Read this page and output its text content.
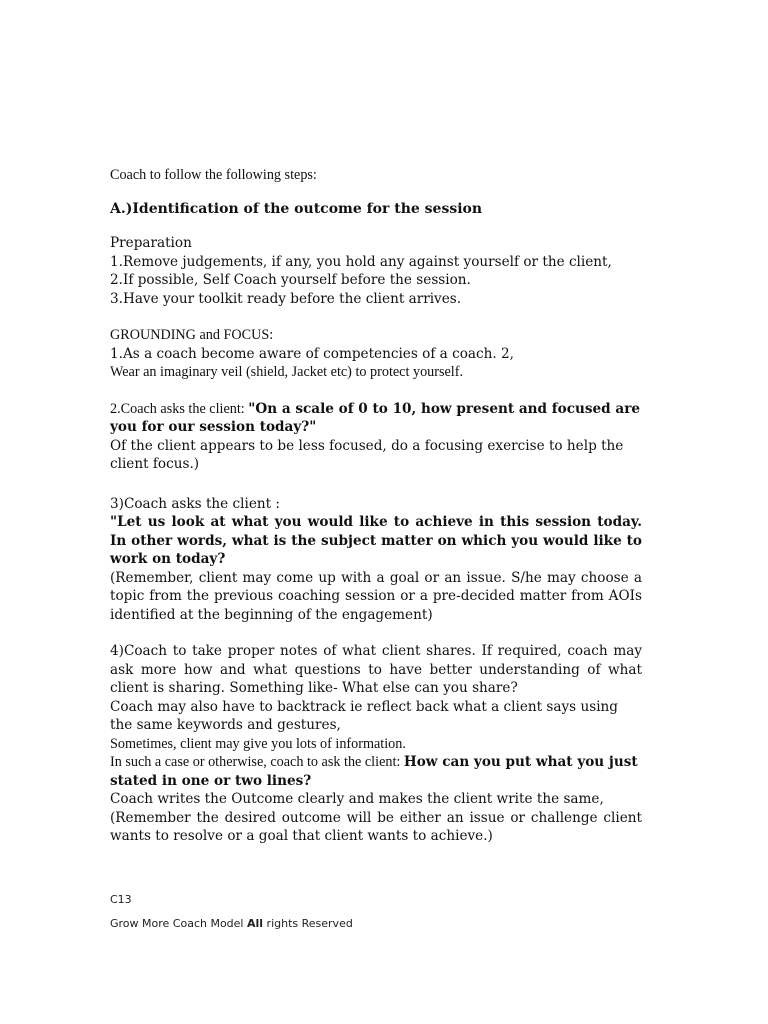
Coach to follow the following steps:

A.)Identification of the outcome for the session

Preparation

1.Remove judgements, if any, you hold any against yourself or the client,

2.If possible, Self Coach yourself before the session.

3.Have your toolkit ready before the client arrives.

GROUNDING and FOCUS:

1.As a coach become aware of competencies of a coach. 2,

Wear an imaginary veil (shield, Jacket etc) to protect yourself.

2.Coach asks the client: "On a scale of 0 to 10, how present and focused are you for our session today?"

Of the client appears to be less focused, do a focusing exercise to help the client focus.)

3)Coach asks the client :

"Let us look at what you would like to achieve in this session today. In other words, what is the subject matter on which you would like to work on today?

(Remember, client may come up with a goal or an issue. S/he may choose a topic from the previous coaching session or a pre-decided matter from AOIs identified at the beginning of the engagement)

4)Coach to take proper notes of what client shares. If required, coach may ask more how and what questions to have better understanding of what client is sharing. Something like- What else can you share?

Coach may also have to backtrack ie reflect back what a client says using the same keywords and gestures,

Sometimes, client may give you lots of information.

In such a case or otherwise, coach to ask the client: How can you put what you just stated in one or two lines?

Coach writes the Outcome clearly and makes the client write the same,

(Remember the desired outcome will be either an issue or challenge client wants to resolve or a goal that client wants to achieve.)

C13
Grow More Coach Model All rights Reserved
